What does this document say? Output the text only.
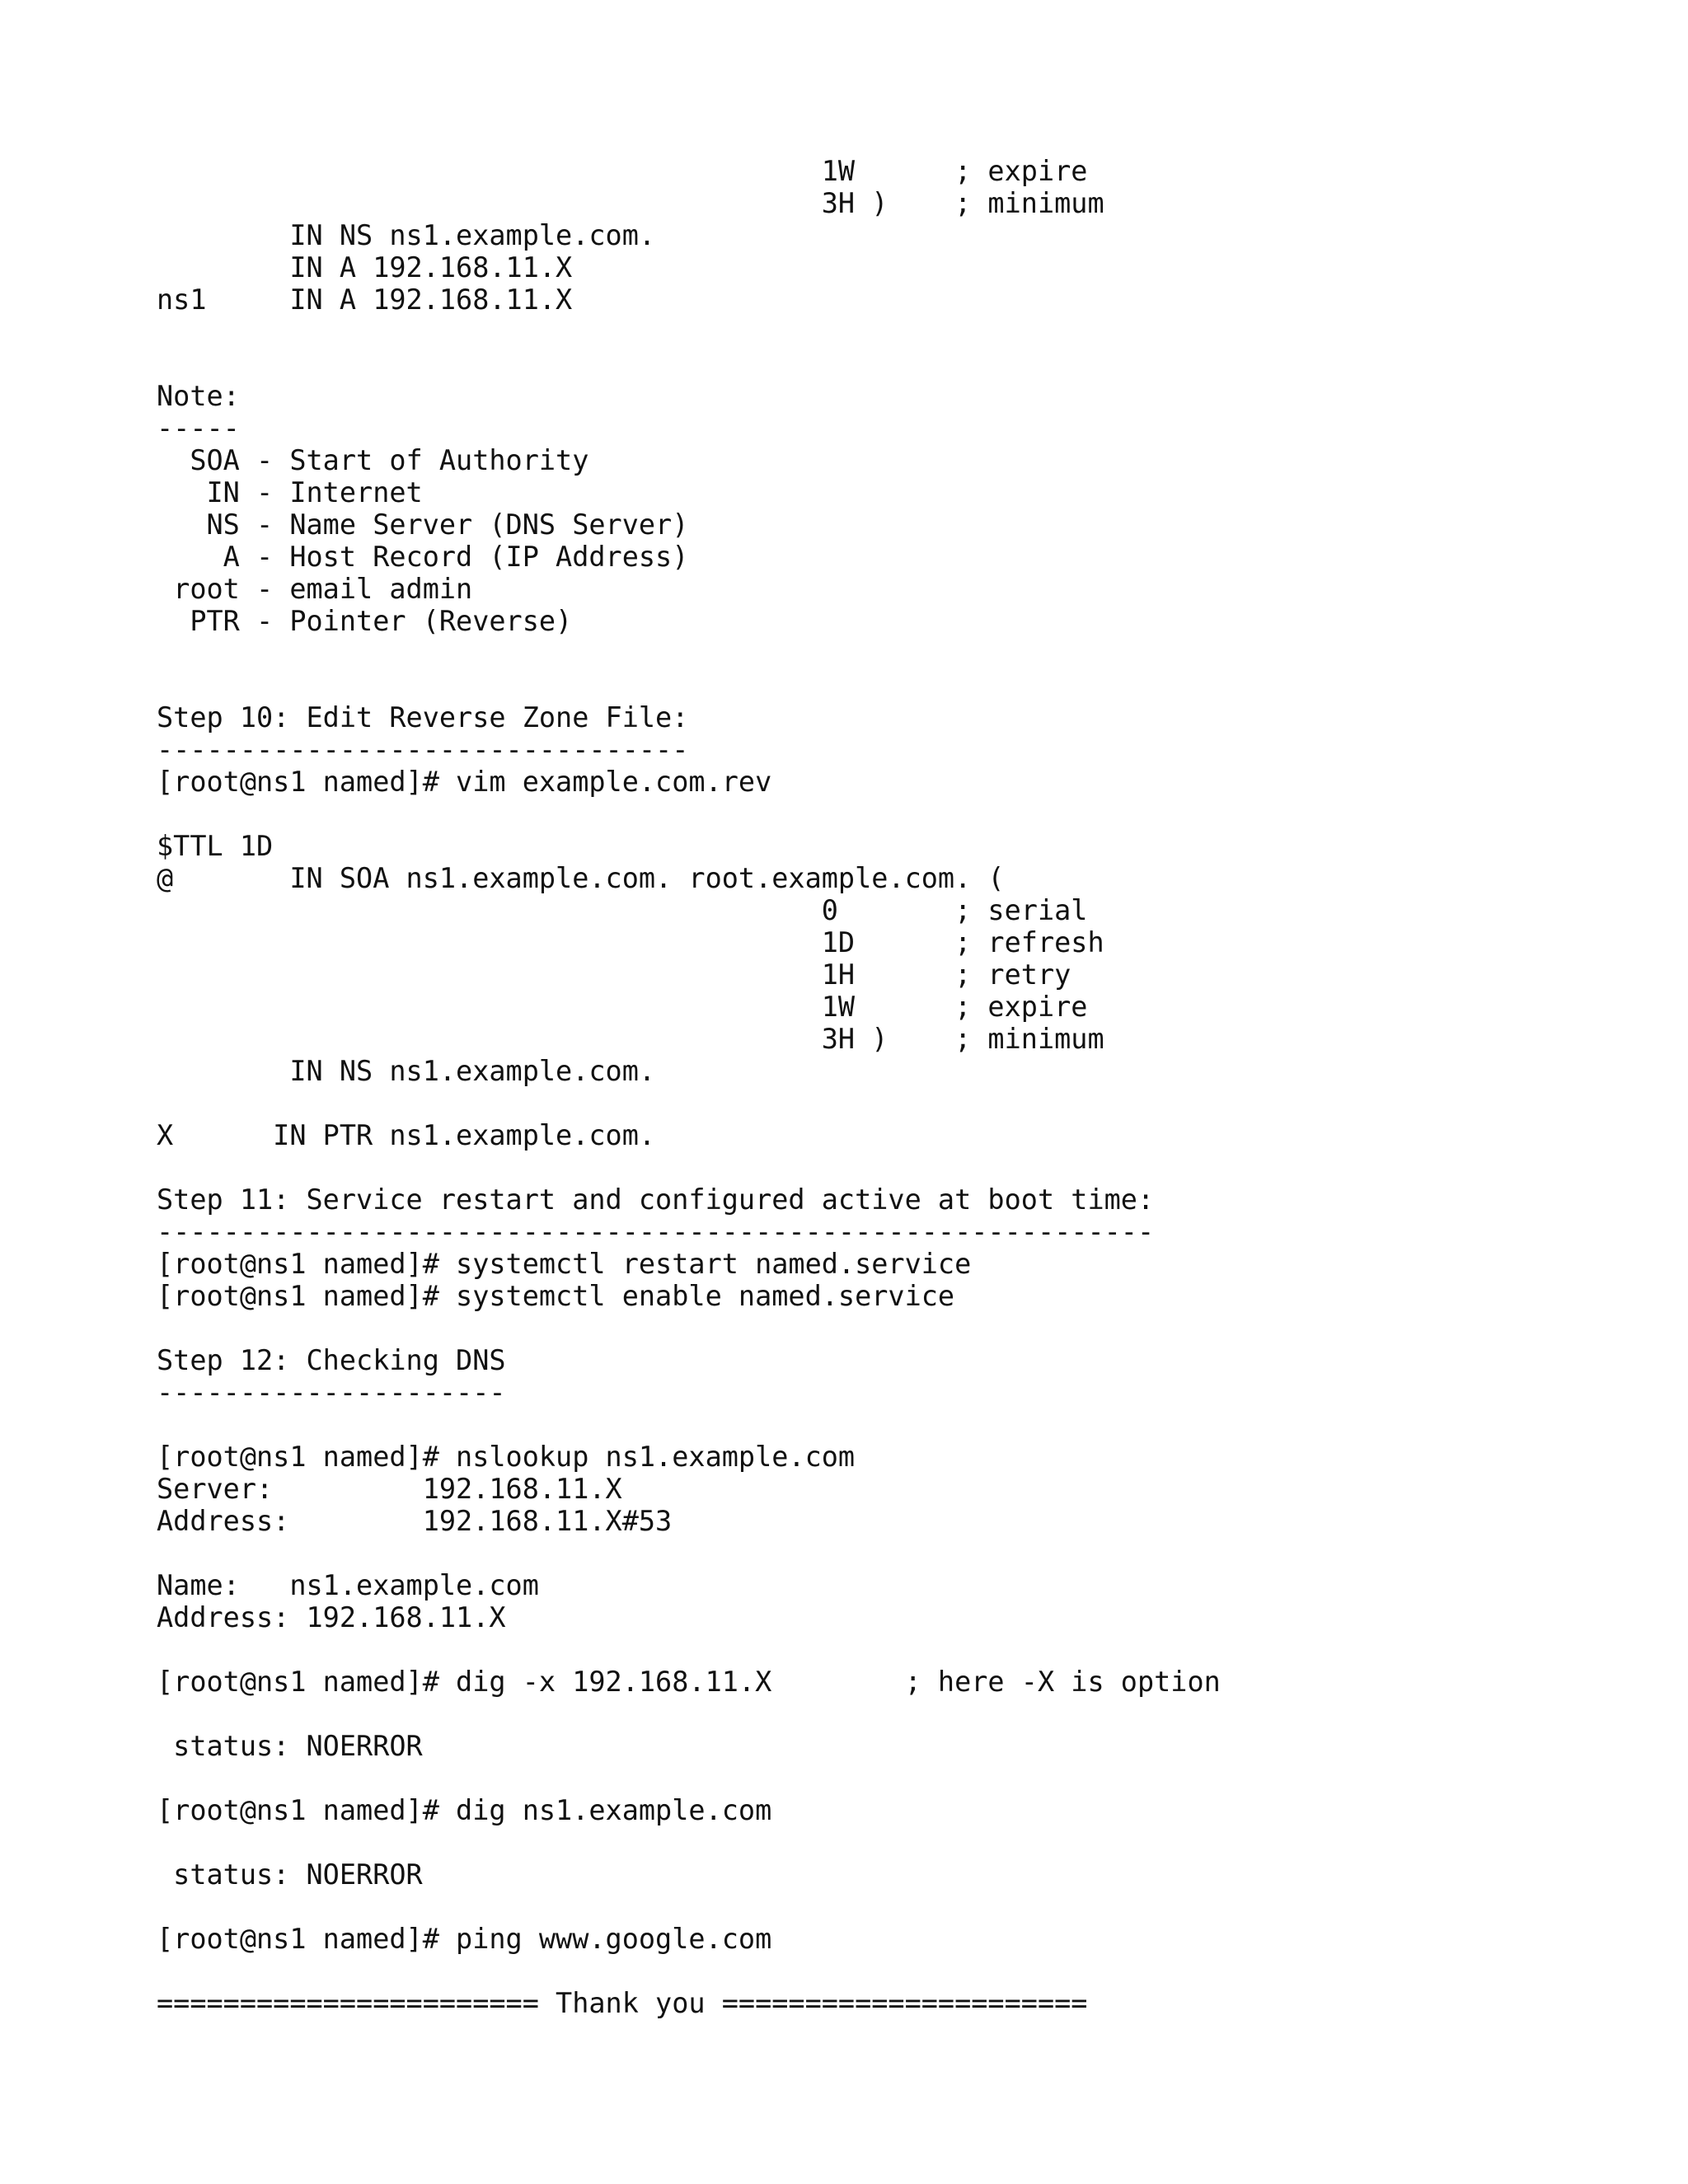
1W      ; expire
3H )    ; minimum
IN NS ns1.example.com.
IN A 192.168.11.X
ns1     IN A 192.168.11.X
Note:
-----
SOA - Start of Authority
IN - Internet
NS - Name Server (DNS Server)
A - Host Record (IP Address)
root - email admin
PTR - Pointer (Reverse)
Step 10: Edit Reverse Zone File:
--------------------------------
[root@ns1 named]# vim example.com.rev
$TTL 1D
@       IN SOA ns1.example.com. root.example.com. (
0       ; serial
1D      ; refresh
1H      ; retry
1W      ; expire
3H )    ; minimum
IN NS ns1.example.com.
X      IN PTR ns1.example.com.
Step 11: Service restart and configured active at boot time:
------------------------------------------------------------
[root@ns1 named]# systemctl restart named.service
[root@ns1 named]# systemctl enable named.service
Step 12: Checking DNS
---------------------
[root@ns1 named]# nslookup ns1.example.com
Server:         192.168.11.X
Address:        192.168.11.X#53
Name:   ns1.example.com
Address: 192.168.11.X
[root@ns1 named]# dig -x 192.168.11.X        ; here -X is option
status: NOERROR
[root@ns1 named]# dig ns1.example.com
status: NOERROR
[root@ns1 named]# ping www.google.com
======================= Thank you ======================
